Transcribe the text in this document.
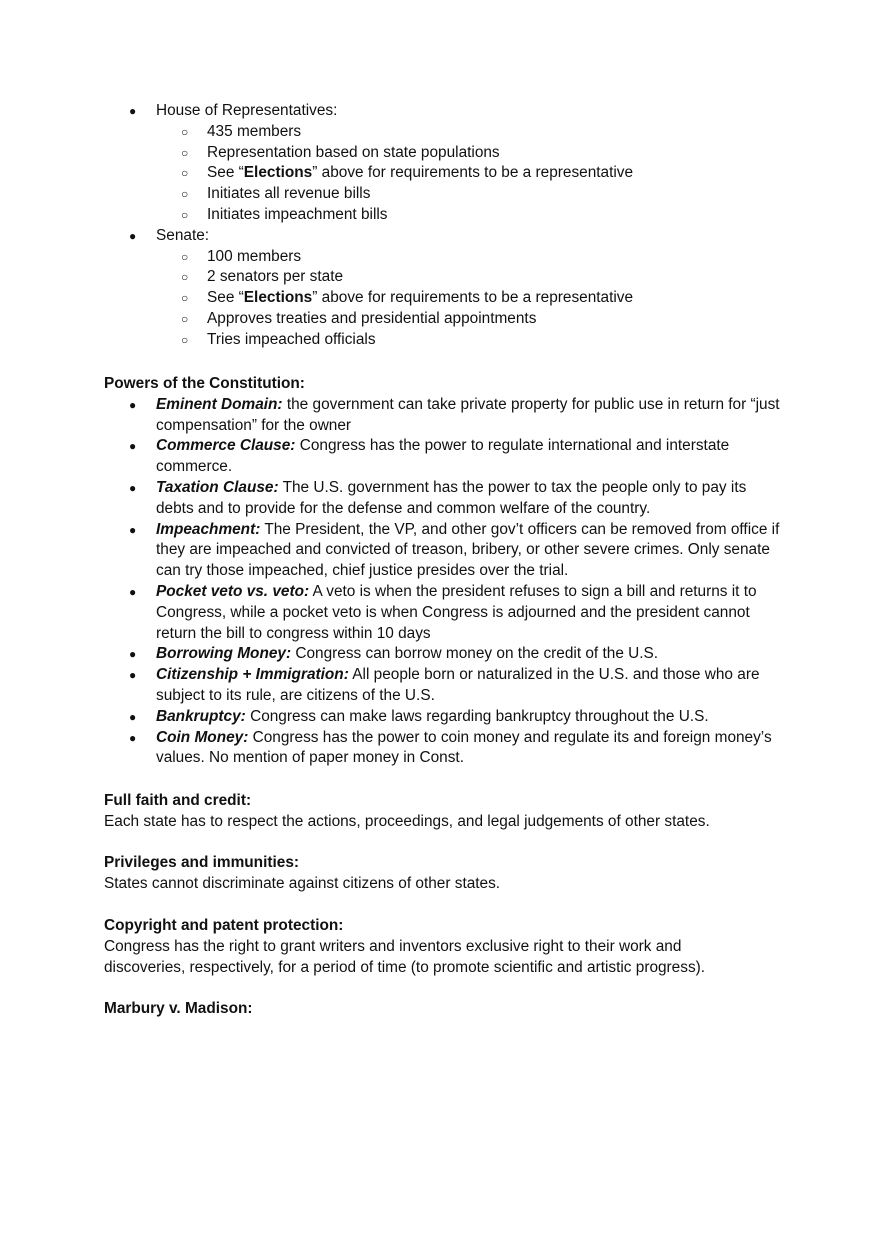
● House of Representatives:
○ 435 members
○ Representation based on state populations
○ See “Elections” above for requirements to be a representative
○ Initiates all revenue bills
○ Initiates impeachment bills
● Senate:
○ 100 members
○ 2 senators per state
○ See “Elections” above for requirements to be a representative
○ Approves treaties and presidential appointments
○ Tries impeached officials
Powers of the Constitution:
● Eminent Domain: the government can take private property for public use in return for “just compensation” for the owner
● Commerce Clause: Congress has the power to regulate international and interstate commerce.
● Taxation Clause: The U.S. government has the power to tax the people only to pay its debts and to provide for the defense and common welfare of the country.
● Impeachment: The President, the VP, and other gov’t officers can be removed from office if they are impeached and convicted of treason, bribery, or other severe crimes. Only senate can try those impeached, chief justice presides over the trial.
● Pocket veto vs. veto: A veto is when the president refuses to sign a bill and returns it to Congress, while a pocket veto is when Congress is adjourned and the president cannot return the bill to congress within 10 days
● Borrowing Money: Congress can borrow money on the credit of the U.S.
● Citizenship + Immigration: All people born or naturalized in the U.S. and those who are subject to its rule, are citizens of the U.S.
● Bankruptcy: Congress can make laws regarding bankruptcy throughout the U.S.
● Coin Money: Congress has the power to coin money and regulate its and foreign money’s values. No mention of paper money in Const.
Full faith and credit:
Each state has to respect the actions, proceedings, and legal judgements of other states.
Privileges and immunities:
States cannot discriminate against citizens of other states.
Copyright and patent protection:
Congress has the right to grant writers and inventors exclusive right to their work and discoveries, respectively, for a period of time (to promote scientific and artistic progress).
Marbury v. Madison:
